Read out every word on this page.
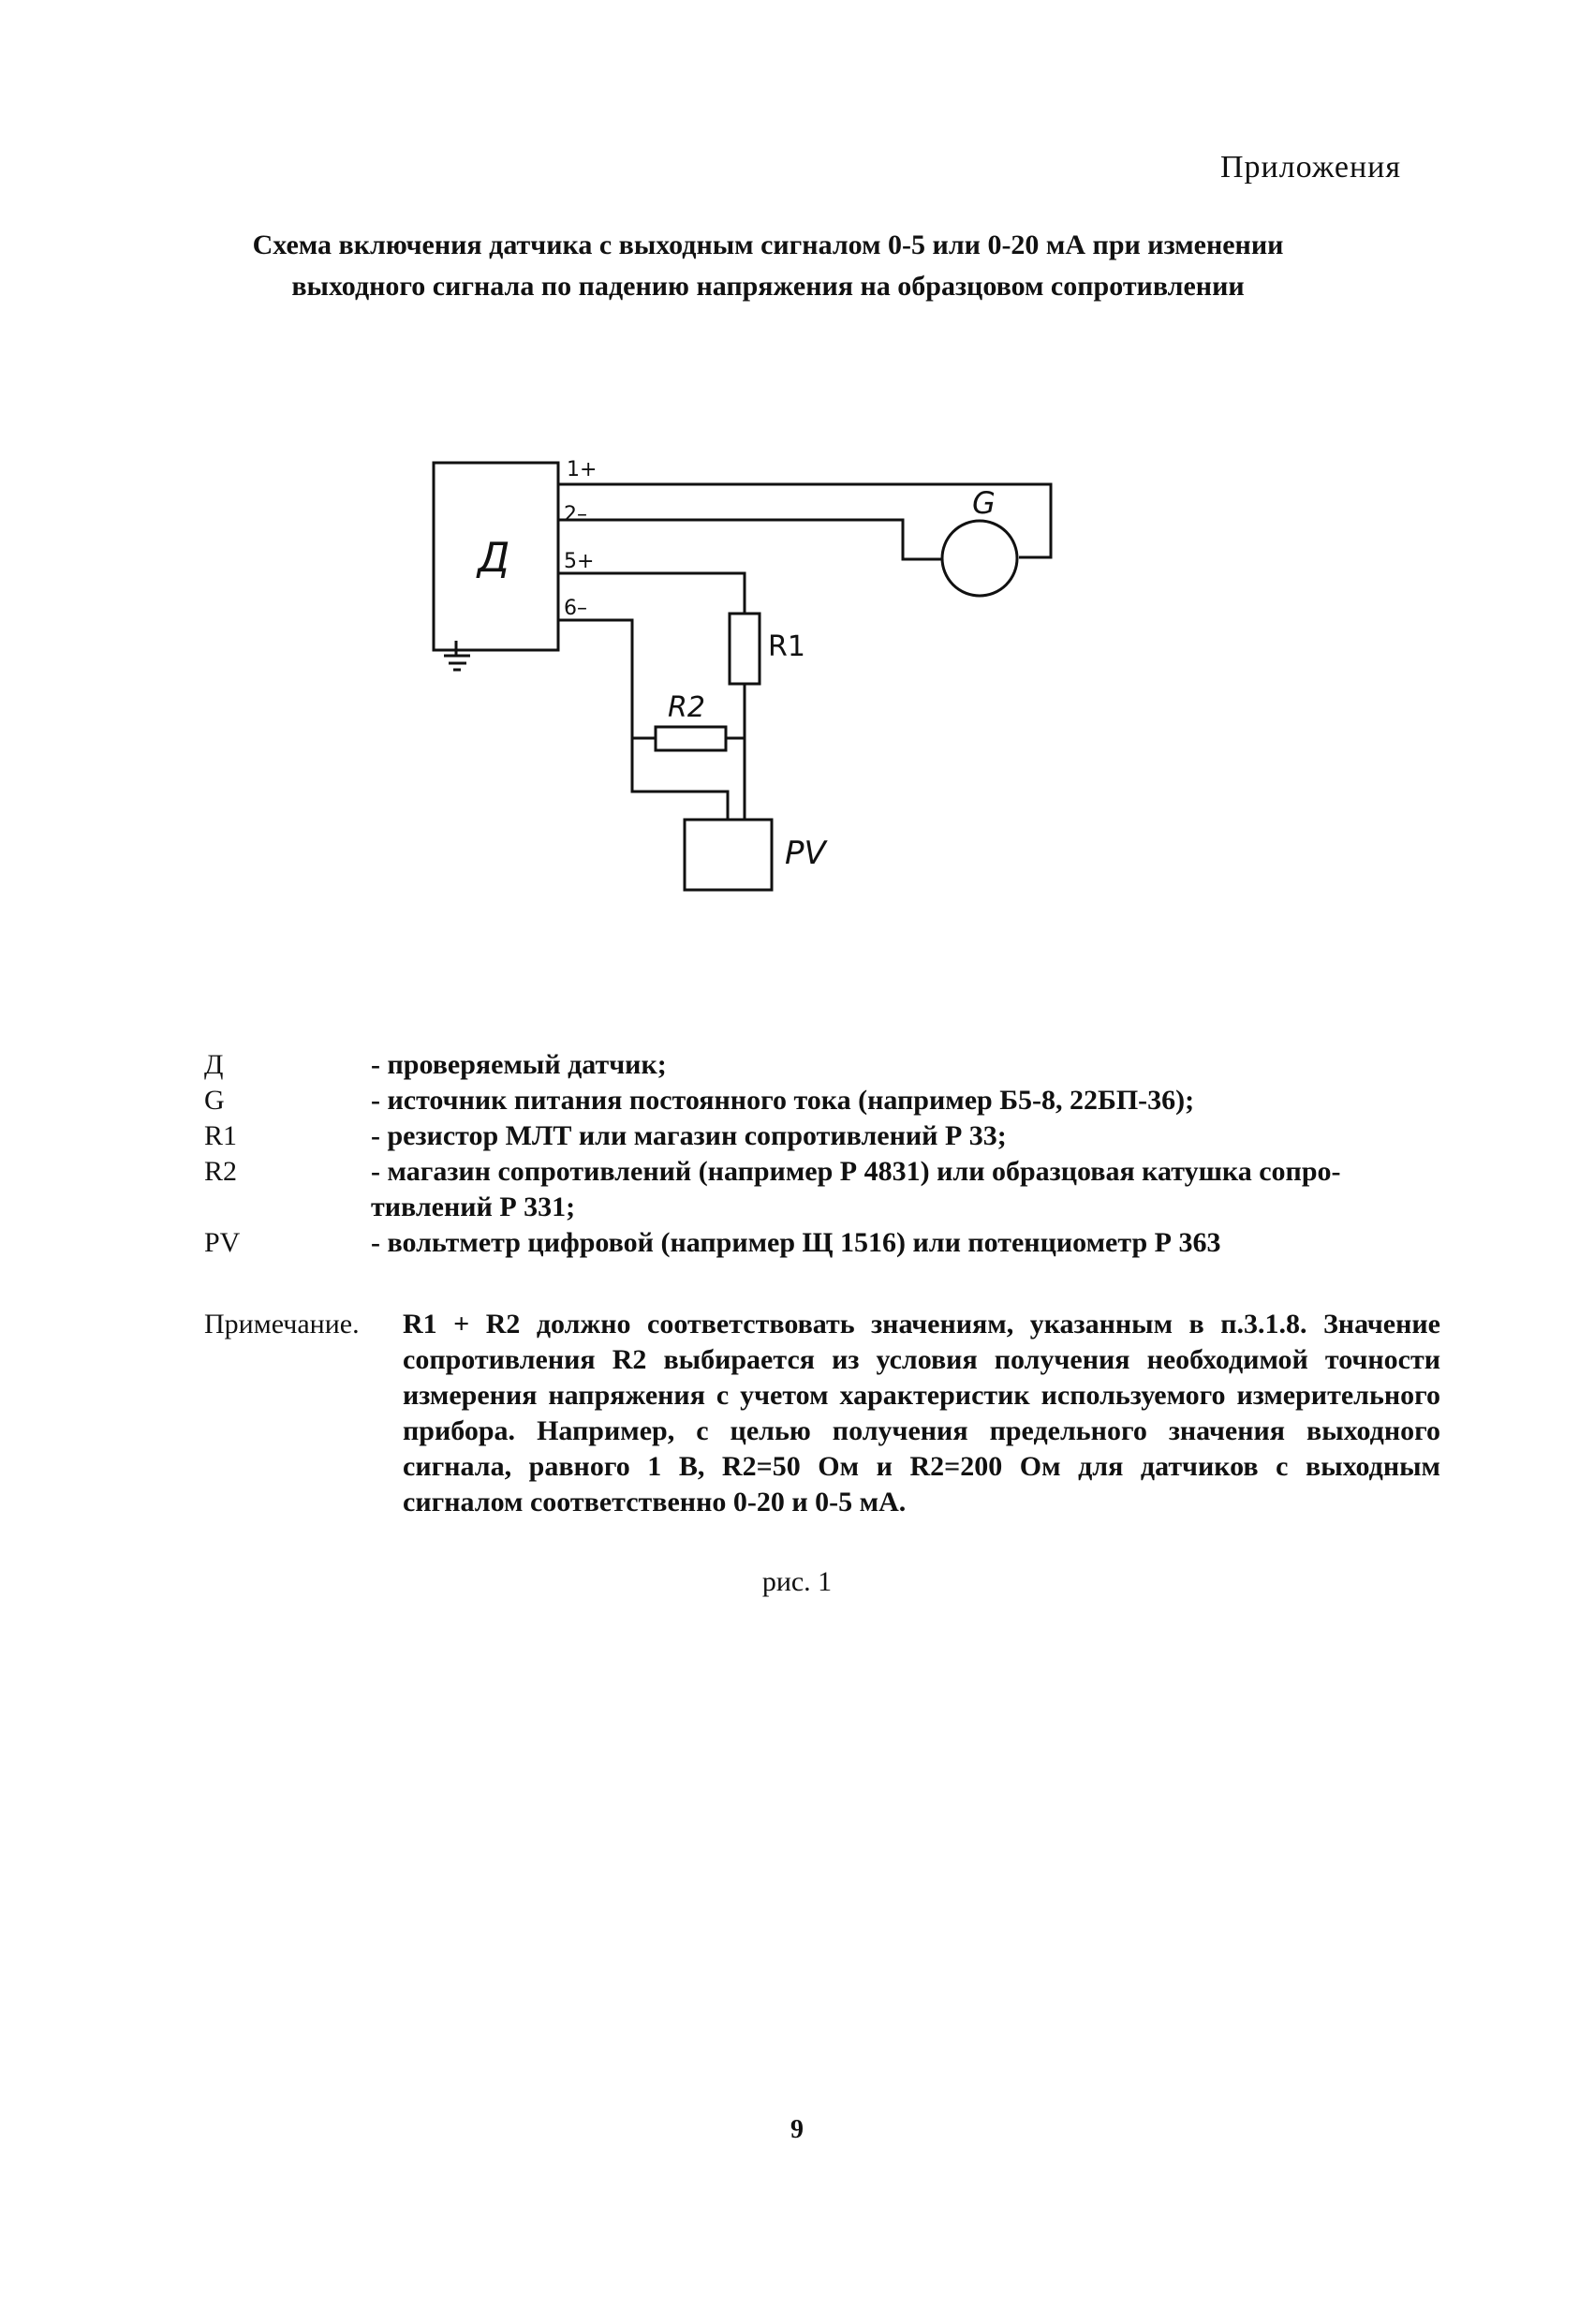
Приложения
Схема включения датчика с выходным сигналом 0-5 или 0-20 мА при изменении
выходного сигнала по падению напряжения на образцовом сопротивлении
Д
1+
2–
5+
6–
G
R1
R2
PV
Д	- проверяемый датчик;
G	- источник питания постоянного тока (например Б5-8, 22БП-36);
R1	- резистор МЛТ или магазин сопротивлений Р 33;
R2	- магазин сопротивлений (например Р 4831) или образцовая катушка сопро-
тивлений Р 331;
PV	- вольтметр цифровой (например Щ 1516) или потенциометр Р 363
Примечание.	R1 + R2 должно соответствовать значениям, указанным в п.3.1.8. Значение сопротивления R2 выбирается из условия получения необходимой точности измерения напряжения с учетом характеристик используемого измерительного прибора. Например, с целью получения предельного значения выходного сигнала, равного 1 В, R2=50 Ом и R2=200 Ом для датчиков с выходным сигналом соответственно 0-20 и 0-5 мА.
рис. 1
9
